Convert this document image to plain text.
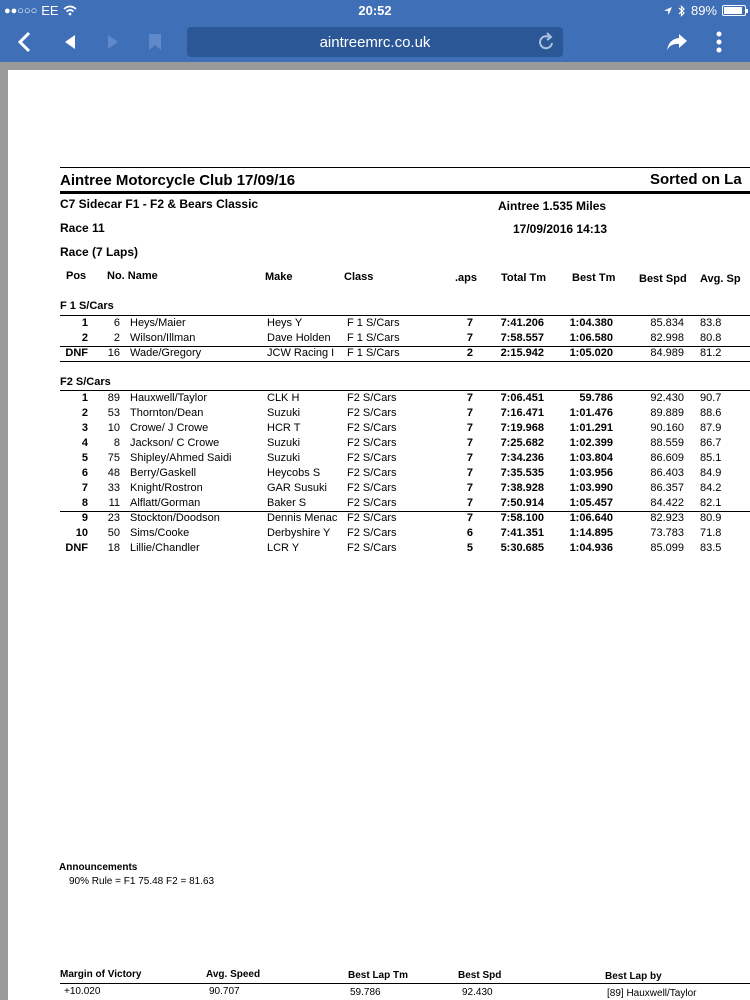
●●○○○ EE	20:52	89%
aintreemrc.co.uk
Aintree Motorcycle Club 17/09/16	Sorted on La
C7 Sidecar F1 - F2 & Bears Classic	Aintree 1.535 Miles
Race 11	17/09/2016 14:13
Race (7 Laps)
Pos No. Name	Make	Class	.aps Total Tm Best Tm Best Spd Avg. Sp
F 1 S/Cars
1	6 Heys/Maier	Heys Y	F 1 S/Cars	7	7:41.206	1:04.380	85.834 83.8
2	2 Wilson/Illman	Dave Holden	F 1 S/Cars	7	7:58.557	1:06.580	82.998 80.8
DNF	16 Wade/Gregory	JCW Racing I	F 1 S/Cars	2	2:15.942	1:05.020	84.989 81.2
F2 S/Cars
1	89 Hauxwell/Taylor	CLK H	F2 S/Cars	7	7:06.451	59.786	92.430 90.7
2	53 Thornton/Dean	Suzuki	F2 S/Cars	7	7:16.471	1:01.476	89.889 88.6
3	10 Crowe/ J Crowe	HCR T	F2 S/Cars	7	7:19.968	1:01.291	90.160 87.9
4	8 Jackson/ C Crowe	Suzuki	F2 S/Cars	7	7:25.682	1:02.399	88.559 86.7
5	75 Shipley/Ahmed Saidi	Suzuki	F2 S/Cars	7	7:34.236	1:03.804	86.609 85.1
6	48 Berry/Gaskell	Heycobs S	F2 S/Cars	7	7:35.535	1:03.956	86.403 84.9
7	33 Knight/Rostron	GAR Susuki	F2 S/Cars	7	7:38.928	1:03.990	86.357 84.2
8	11 Alflatt/Gorman	Baker S	F2 S/Cars	7	7:50.914	1:05.457	84.422 82.1
9	23 Stockton/Doodson	Dennis Menac F2 S/Cars	7	7:58.100	1:06.640	82.923 80.9
10	50 Sims/Cooke	Derbyshire Y	F2 S/Cars	6	7:41.351	1:14.895	73.783 71.8
DNF	18 Lillie/Chandler	LCR Y	F2 S/Cars	5	5:30.685	1:04.936	85.099 83.5
Announcements
90% Rule = F1 75.48 F2 = 81.63
Margin of Victory	Avg. Speed	Best Lap Tm	Best Spd	Best Lap by
+10.020	90.707	59.786	92.430	[89] Hauxwell/Taylor
